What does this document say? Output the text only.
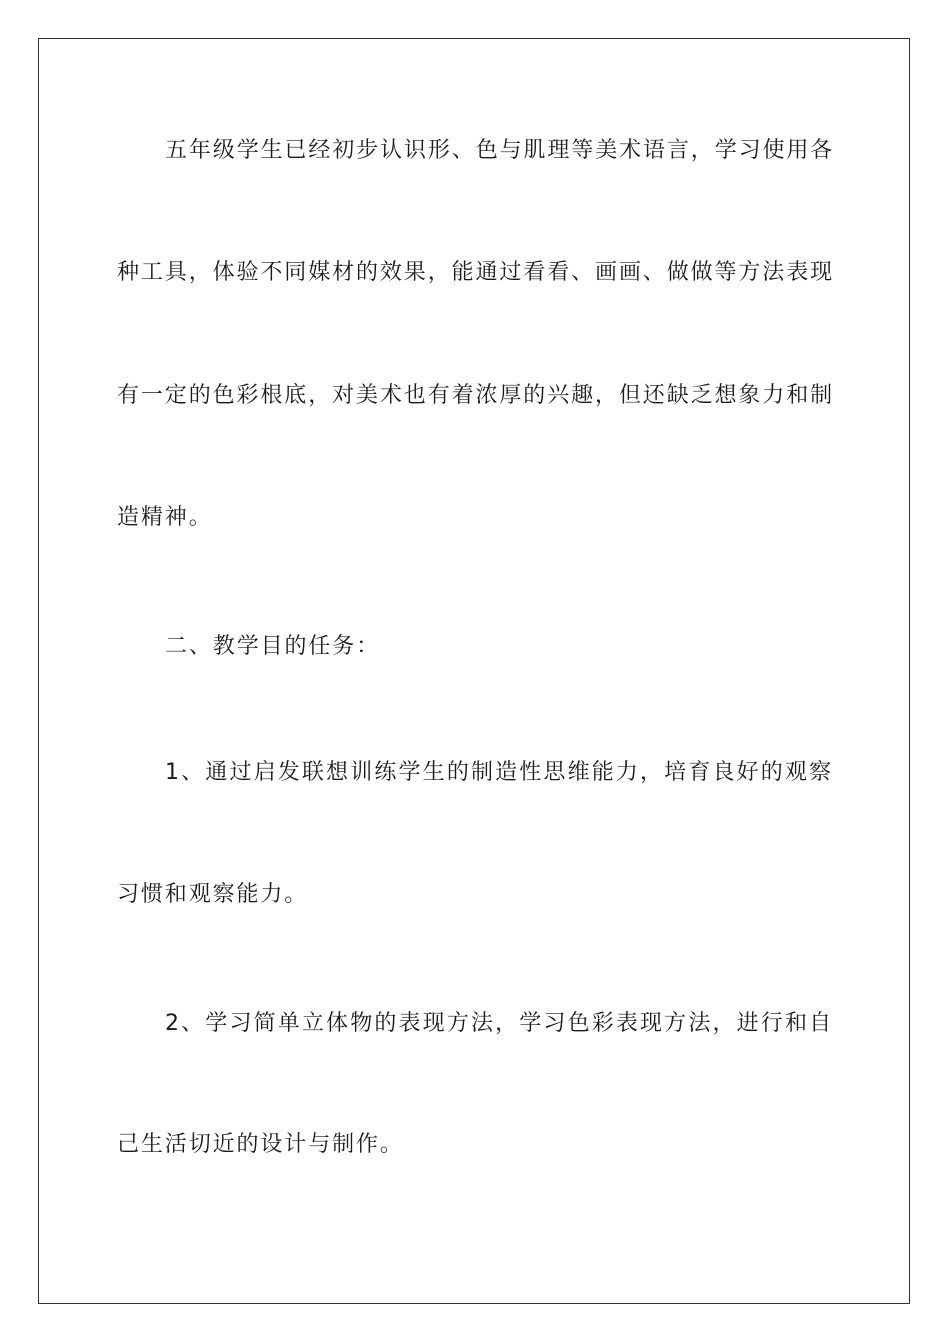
五年级学生已经初步认识形、色与肌理等美术语言，学习使用各
种工具，体验不同媒材的效果，能通过看看、画画、做做等方法表现
有一定的色彩根底，对美术也有着浓厚的兴趣，但还缺乏想象力和制
造精神。
二、教学目的任务：
1、通过启发联想训练学生的制造性思维能力，培育良好的观察
习惯和观察能力。
2、学习简单立体物的表现方法，学习色彩表现方法，进行和自
己生活切近的设计与制作。
